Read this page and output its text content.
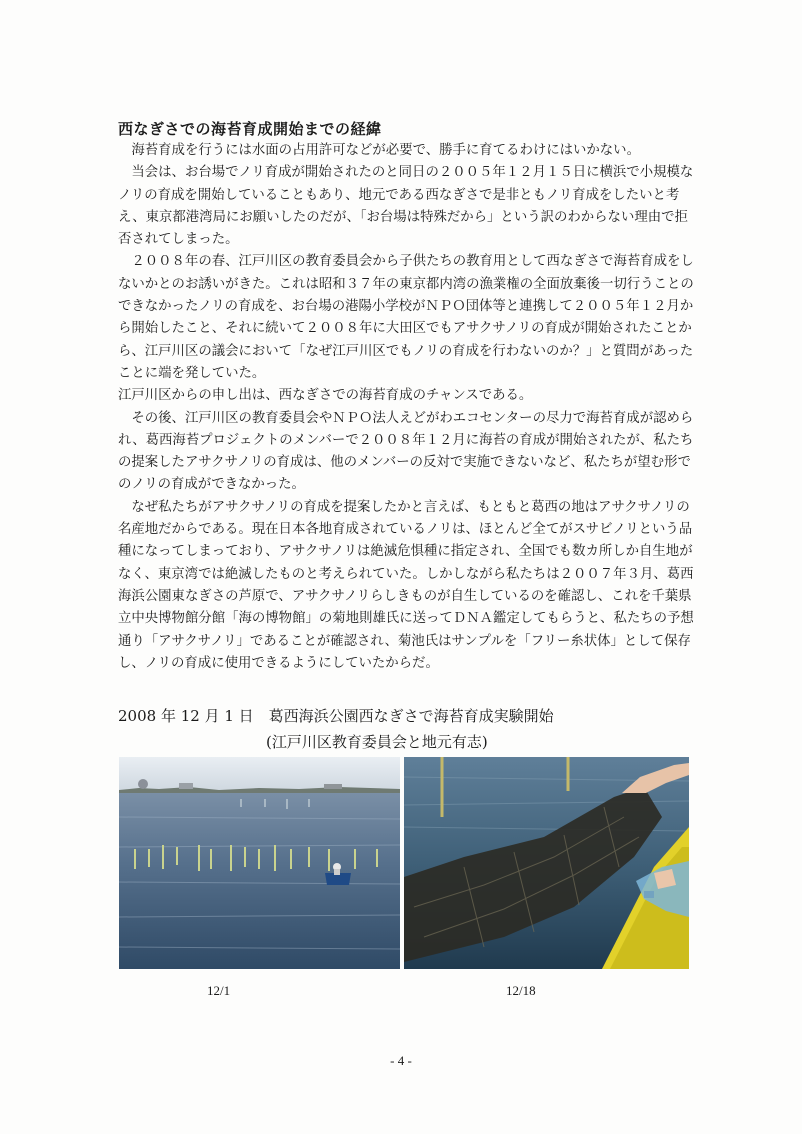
西なぎさでの海苔育成開始までの経緯

海苔育成を行うには水面の占用許可などが必要で、勝手に育てるわけにはいかない。

当会は、お台場でノリ育成が開始されたのと同日の２００５年１２月１５日に横浜で小規模なノリの育成を開始していることもあり、地元である西なぎさで是非ともノリ育成をしたいと考え、東京都港湾局にお願いしたのだが、「お台場は特殊だから」という訳のわからない理由で拒否されてしまった。

２００８年の春、江戸川区の教育委員会から子供たちの教育用として西なぎさで海苔育成をしないかとのお誘いがきた。これは昭和３７年の東京都内湾の漁業権の全面放棄後一切行うことのできなかったノリの育成を、お台場の港陽小学校がＮＰＯ団体等と連携して２００５年１２月から開始したこと、それに続いて２００８年に大田区でもアサクサノリの育成が開始されたことから、江戸川区の議会において「なぜ江戸川区でもノリの育成を行わないのか？」と質問があったことに端を発していた。

江戸川区からの申し出は、西なぎさでの海苔育成のチャンスである。

その後、江戸川区の教育委員会やＮＰＯ法人えどがわエコセンターの尽力で海苔育成が認められ、葛西海苔プロジェクトのメンバーで２００８年１２月に海苔の育成が開始されたが、私たちの提案したアサクサノリの育成は、他のメンバーの反対で実施できないなど、私たちが望む形でのノリの育成ができなかった。

なぜ私たちがアサクサノリの育成を提案したかと言えば、もともと葛西の地はアサクサノリの名産地だからである。現在日本各地育成されているノリは、ほとんど全てがスサビノリという品種になってしまっており、アサクサノリは絶滅危惧種に指定され、全国でも数カ所しか自生地がなく、東京湾では絶滅したものと考えられていた。しかしながら私たちは２００７年３月、葛西海浜公園東なぎさの芦原で、アサクサノリらしきものが自生しているのを確認し、これを千葉県立中央博物館分館「海の博物館」の菊地則雄氏に送ってＤＮＡ鑑定してもらうと、私たちの予想通り「アサクサノリ」であることが確認され、菊池氏はサンプルを「フリー糸状体」として保存し、ノリの育成に使用できるようにしていたからだ。

2008 年 12 月 1 日　葛西海浜公園西なぎさで海苔育成実験開始
(江戸川区教育委員会と地元有志)
12/1	12/18
- 4 -
